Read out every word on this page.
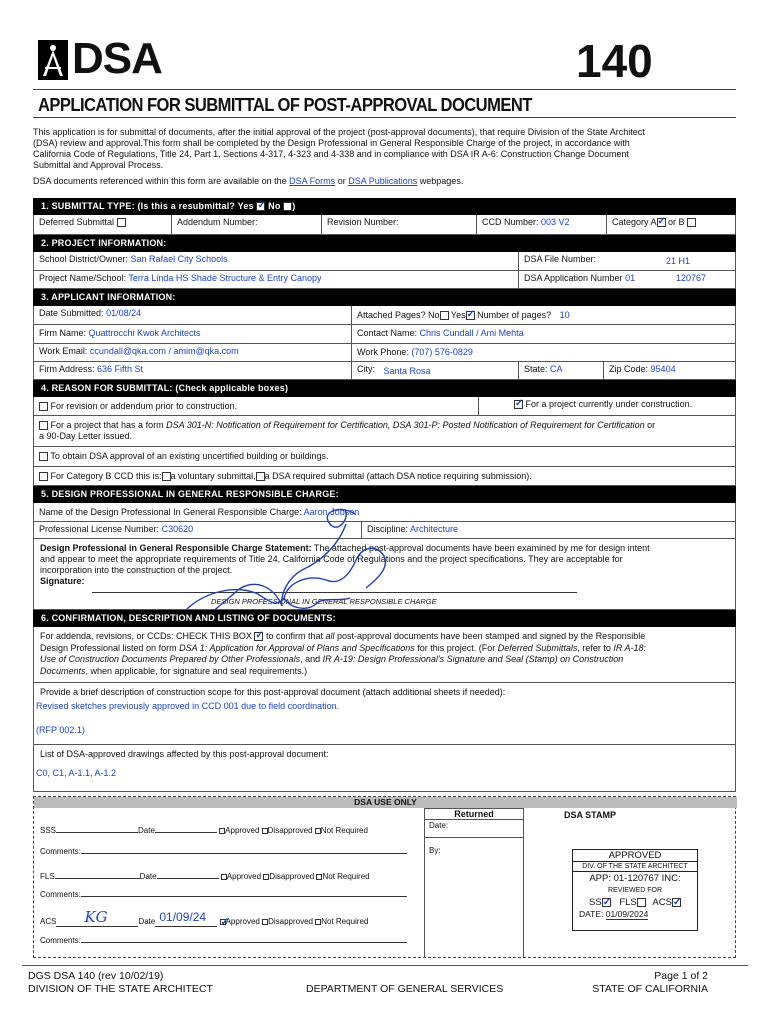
DSA	140
APPLICATION FOR SUBMITTAL OF POST-APPROVAL DOCUMENT
This application is for submittal of documents, after the initial approval of the project (post-approval documents), that require Division of the State Architect
(DSA) review and approval.This form shall be completed by the Design Professional in General Responsible Charge of the project, in accordance with
California Code of Regulations, Title 24, Part 1, Sections 4-317, 4-323 and 4-338 and in compliance with DSA IR A-6: Construction Change Document
Submittal and Approval Process.
DSA documents referenced within this form are available on the DSA Forms or DSA Publications webpages.
1. SUBMITTAL TYPE: (Is this a resubmittal? Yes ✓ No )
Deferred Submittal	Addendum Number:	Revision Number:	CCD Number: 003 V2	Category A ✓ or B
2. PROJECT INFORMATION:
School District/Owner: San Rafael City Schools	DSA File Number:	21 H1
Project Name/School: Terra Linda HS Shade Structure & Entry Canopy	DSA Application Number 01	120767
3. APPLICANT INFORMATION:
Date Submitted: 01/08/24	Attached Pages? No Yes ✓ Number of pages? 10
Firm Name: Quattrocchi Kwok Architects	Contact Name: Chris Cundall / Ami Mehta
Work Email: ccundall@qka.com / amim@qka.com	Work Phone: (707) 576-0829
Firm Address: 636 Fifth St	City: Santa Rosa	State: CA	Zip Code: 95404
4. REASON FOR SUBMITTAL: (Check applicable boxes)
For revision or addendum prior to construction. ✓	For a project currently under construction.
For a project that has a form DSA 301-N: Notification of Requirement for Certification, DSA 301-P: Posted Notification of Requirement for Certification or
a 90-Day Letter issued.
To obtain DSA approval of an existing uncertified building or buildings.
For Category B CCD this is: a voluntary submittal, a DSA required submittal (attach DSA notice requiring submission).
5. DESIGN PROFESSIONAL IN GENERAL RESPONSIBLE CHARGE:
Name of the Design Professional In General Responsible Charge: Aaron Jobson
Professional License Number: C30620	Discipline: Architecture
Design Professional in General Responsible Charge Statement: The attached post-approval documents have been examined by me for design intent
and appear to meet the appropriate requirements of Title 24, California Code of Regulations and the project specifications. They are acceptable for
incorporation into the construction of the project.
Signature:
DESIGN PROFESSIONAL IN GENERAL RESPONSIBLE CHARGE
6. CONFIRMATION, DESCRIPTION AND LISTING OF DOCUMENTS:
For addenda, revisions, or CCDs: CHECK THIS BOX ✓ to confirm that all post-approval documents have been stamped and signed by the Responsible
Design Professional listed on form DSA 1: Application for Approval of Plans and Specifications for this project. (For Deferred Submittals, refer to IR A-18:
Use of Construction Documents Prepared by Other Professionals, and IR A-19: Design Professional's Signature and Seal (Stamp) on Construction
Documents, when applicable, for signature and seal requirements.)
Provide a brief description of construction scope for this post-approval document (attach additional sheets if needed):
Revised sketches previously approved in CCD 001 due to field coordination.
(RFP 002.1)
List of DSA-approved drawings affected by this post-approval document:
C0, C1, A-1.1, A-1.2
DSA USE ONLY
Returned
Date:
By:
DSA STAMP
SSS	Date	Approved Disapproved Not Required
Comments:
FLS	Date	Approved Disapproved Not Required
Comments:
ACS KG	Date 01/09/24 ✓ Approved Disapproved Not Required
Comments:
APPROVED
DIV. OF THE STATE ARCHITECT
APP: 01-120767 INC:
REVIEWED FOR
SS ✓ FLS ACS✓
DATE: 01/09/2024
DGS DSA 140 (rev 10/02/19)
DIVISION OF THE STATE ARCHITECT	DEPARTMENT OF GENERAL SERVICES
Page 1 of 2
STATE OF CALIFORNIA
